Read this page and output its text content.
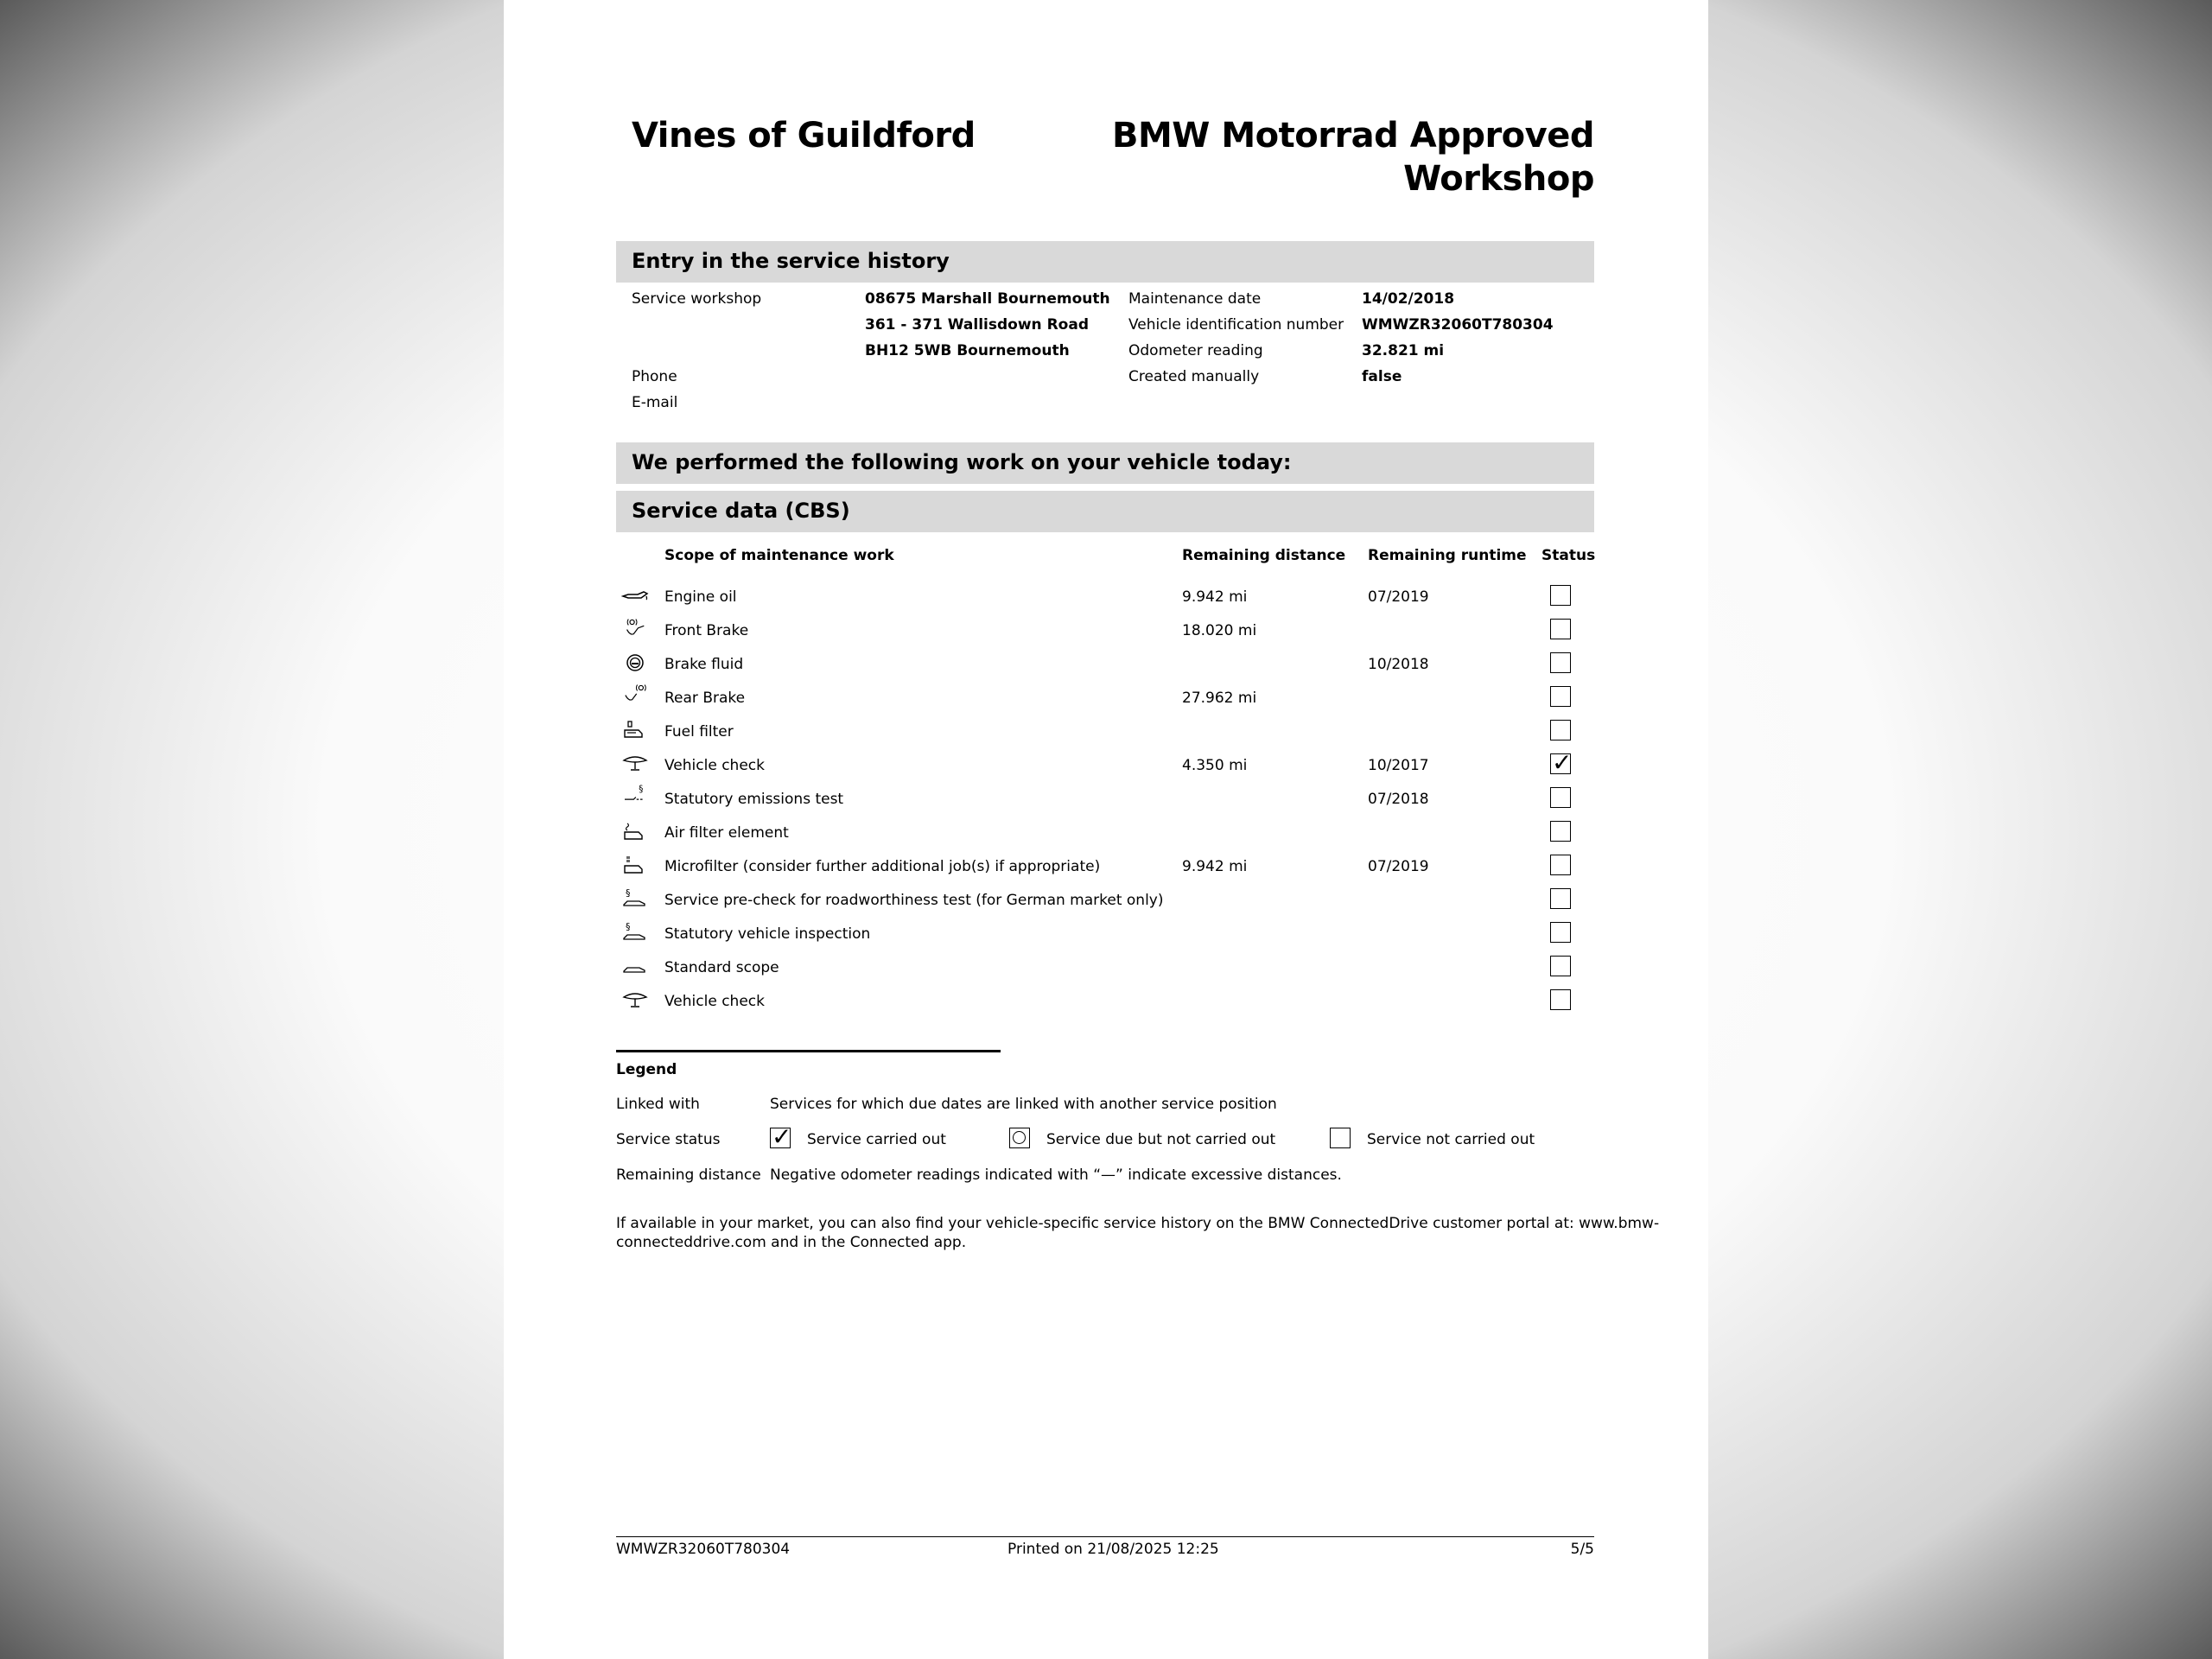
Vines of Guildford	BMW Motorrad Approved
Workshop
Entry in the service history
Service workshop	08675 Marshall Bournemouth
361 - 371 Wallisdown Road
BH12 5WB Bournemouth
Phone
E-mail
Maintenance date	14/02/2018
Vehicle identification number WMWZR32060T780304
Odometer reading	32.821 mi
Created manually	false
We performed the following work on your vehicle today:
Service data (CBS)
Scope of maintenance work	Remaining distance Remaining runtime Status
Engine oil	9.942 mi	07/2019
Front Brake	18.020 mi
Brake fluid	10/2018
Rear Brake	27.962 mi
Fuel filter
Vehicle check	4.350 mi	10/2017
✓
§
Statutory emissions test	07/2018
Air filter element
Microfilter (consider further additional job(s) if appropriate)	9.942 mi	07/2019
§ Service pre-check for roadworthiness test (for German market only)
§ Statutory vehicle inspection
Standard scope
Vehicle check
Legend
Linked with	Services for which due dates are linked with another service position
Service status
✓	Service carried out	Service due but not carried out	Service not carried out
Remaining distance Negative odometer readings indicated with “—” indicate excessive distances.
If available in your market, you can also find your vehicle-specific service history on the BMW ConnectedDrive customer portal at: www.bmw-
connecteddrive.com and in the Connected app.
WMWZR32060T780304	Printed on 21/08/2025 12:25	5/5
